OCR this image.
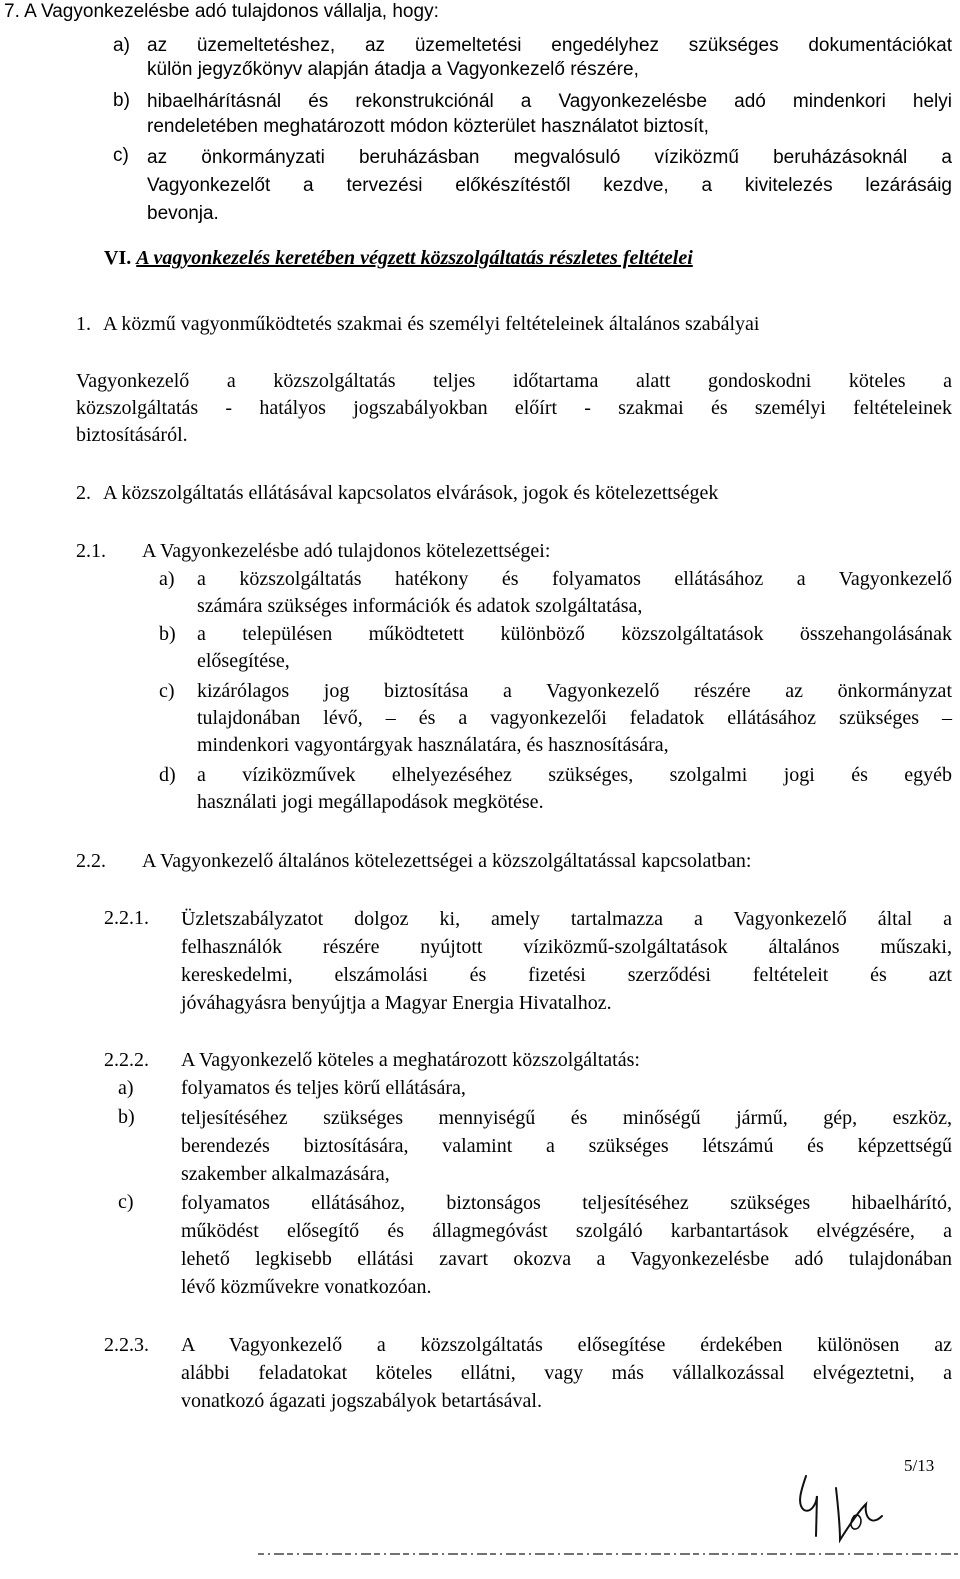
7. A Vagyonkezelésbe adó tulajdonos vállalja, hogy:
a) az üzemeltetéshez, az üzemeltetési engedélyhez szükséges dokumentációkat
külön jegyzőkönyv alapján átadja a Vagyonkezelő részére,
b) hibaelhárításnál és rekonstrukciónál a Vagyonkezelésbe adó mindenkori helyi
rendeletében meghatározott módon közterület használatot biztosít,
c) az önkormányzati beruházásban megvalósuló víziközmű beruházásoknál a
Vagyonkezelőt a tervezési előkészítéstől kezdve, a kivitelezés lezárásáig
bevonja.
VI. A vagyonkezelés keretében végzett közszolgáltatás részletes feltételei
1. A közmű vagyonműködtetés szakmai és személyi feltételeinek általános szabályai
Vagyonkezelő a közszolgáltatás teljes időtartama alatt gondoskodni köteles a
közszolgáltatás - hatályos jogszabályokban előírt - szakmai és személyi feltételeinek
biztosításáról.
2. A közszolgáltatás ellátásával kapcsolatos elvárások, jogok és kötelezettségek
2.1. A Vagyonkezelésbe adó tulajdonos kötelezettségei:
a) a közszolgáltatás hatékony és folyamatos ellátásához a Vagyonkezelő
számára szükséges információk és adatok szolgáltatása,
b) a településen működtetett különböző közszolgáltatások összehangolásának
elősegítése,
c) kizárólagos jog biztosítása a Vagyonkezelő részére az önkormányzat
tulajdonában lévő, – és a vagyonkezelői feladatok ellátásához szükséges –
mindenkori vagyontárgyak használatára, és hasznosítására,
d) a víziközművek elhelyezéséhez szükséges, szolgalmi jogi és egyéb
használati jogi megállapodások megkötése.
2.2. A Vagyonkezelő általános kötelezettségei a közszolgáltatással kapcsolatban:
2.2.1. Üzletszabályzatot dolgoz ki, amely tartalmazza a Vagyonkezelő által a
felhasználók részére nyújtott víziközmű-szolgáltatások általános műszaki,
kereskedelmi, elszámolási és fizetési szerződési feltételeit és azt
jóváhagyásra benyújtja a Magyar Energia Hivatalhoz.
2.2.2. A Vagyonkezelő köteles a meghatározott közszolgáltatás:
a) folyamatos és teljes körű ellátására,
b) teljesítéséhez szükséges mennyiségű és minőségű jármű, gép, eszköz,
berendezés biztosítására, valamint a szükséges létszámú és képzettségű
szakember alkalmazására,
c) folyamatos ellátásához, biztonságos teljesítéséhez szükséges hibaelhárító,
működést elősegítő és állagmegóvást szolgáló karbantartások elvégzésére, a
lehető legkisebb ellátási zavart okozva a Vagyonkezelésbe adó tulajdonában
lévő közművekre vonatkozóan.
2.2.3. A Vagyonkezelő a közszolgáltatás elősegítése érdekében különösen az
alábbi feladatokat köteles ellátni, vagy más vállalkozással elvégeztetni, a
vonatkozó ágazati jogszabályok betartásával.
5/13
